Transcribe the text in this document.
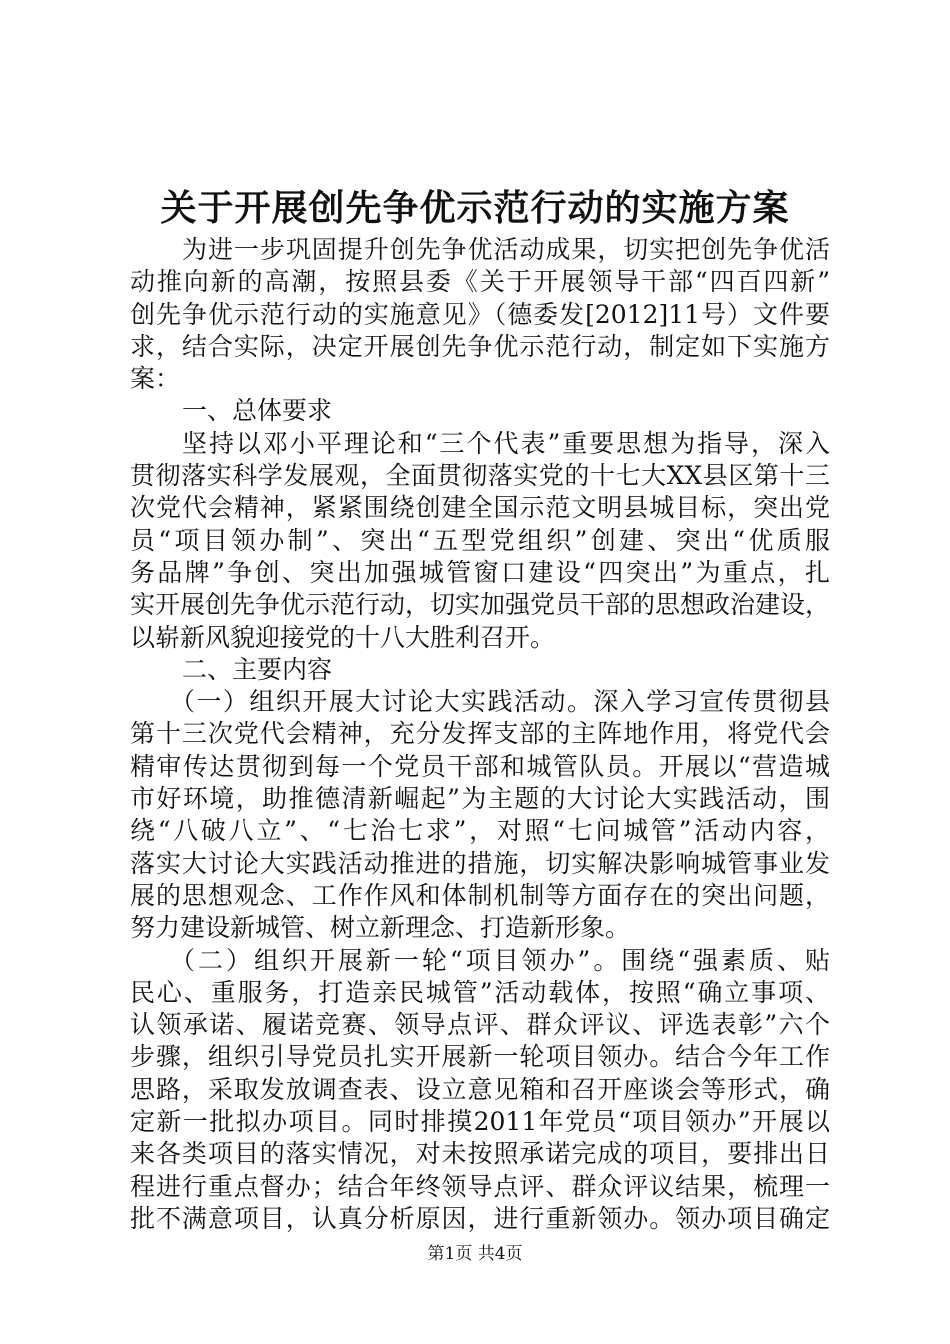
关于开展创先争优示范行动的实施方案
为进一步巩固提升创先争优活动成果，切实把创先争优活
动推向新的高潮，按照县委《关于开展领导干部“四百四新”
创先争优示范行动的实施意见》（德委发[2012]11号）文件要
求，结合实际，决定开展创先争优示范行动，制定如下实施方
案：
一、总体要求
坚持以邓小平理论和“三个代表”重要思想为指导，深入
贯彻落实科学发展观，全面贯彻落实党的十七大XX县区第十三
次党代会精神，紧紧围绕创建全国示范文明县城目标，突出党
员“项目领办制”、突出“五型党组织”创建、突出“优质服
务品牌”争创、突出加强城管窗口建设“四突出”为重点，扎
实开展创先争优示范行动，切实加强党员干部的思想政治建设，
以崭新风貌迎接党的十八大胜利召开。
二、主要内容
（一）组织开展大讨论大实践活动。深入学习宣传贯彻县
第十三次党代会精神，充分发挥支部的主阵地作用，将党代会
精审传达贯彻到每一个党员干部和城管队员。开展以“营造城
市好环境，助推德清新崛起”为主题的大讨论大实践活动，围
绕“八破八立”、“七治七求”，对照“七问城管”活动内容，
落实大讨论大实践活动推进的措施，切实解决影响城管事业发
展的思想观念、工作作风和体制机制等方面存在的突出问题，
努力建设新城管、树立新理念、打造新形象。
（二）组织开展新一轮“项目领办”。围绕“强素质、贴
民心、重服务，打造亲民城管”活动载体，按照“确立事项、
认领承诺、履诺竞赛、领导点评、群众评议、评选表彰”六个
步骤，组织引导党员扎实开展新一轮项目领办。结合今年工作
思路，采取发放调查表、设立意见箱和召开座谈会等形式，确
定新一批拟办项目。同时排摸2011年党员“项目领办”开展以
来各类项目的落实情况，对未按照承诺完成的项目，要排出日
程进行重点督办；结合年终领导点评、群众评议结果，梳理一
批不满意项目，认真分析原因，进行重新领办。领办项目确定
第1页 共4页
